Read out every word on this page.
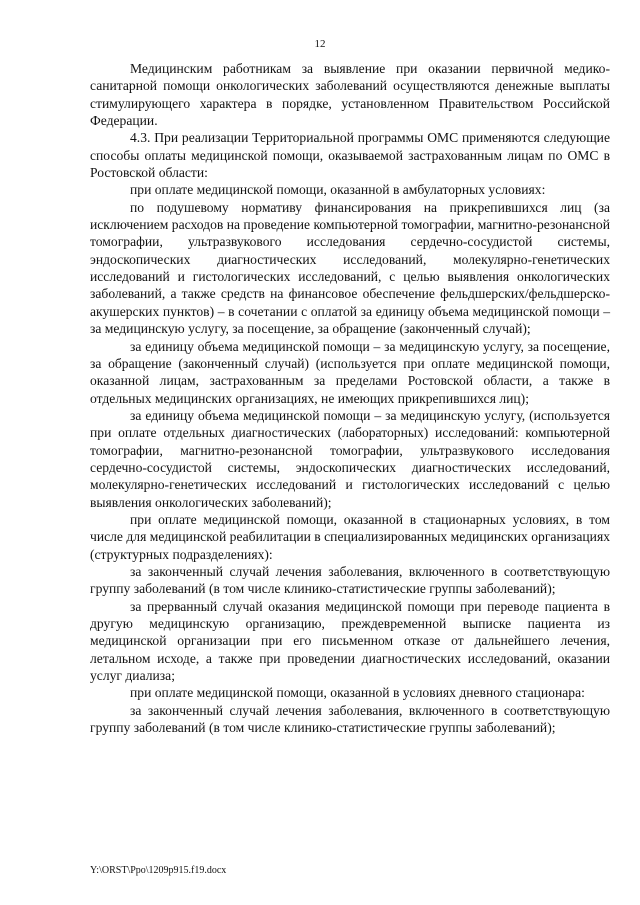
12

Медицинским работникам за выявление при оказании первичной медико-санитарной помощи онкологических заболеваний осуществляются денежные выплаты стимулирующего характера в порядке, установленном Правительством Российской Федерации.

4.3. При реализации Территориальной программы ОМС применяются следующие способы оплаты медицинской помощи, оказываемой застрахованным лицам по ОМС в Ростовской области:

при оплате медицинской помощи, оказанной в амбулаторных условиях:

по подушевому нормативу финансирования на прикрепившихся лиц (за исключением расходов на проведение компьютерной томографии, магнитно-резонансной томографии, ультразвукового исследования сердечно-сосудистой системы, эндоскопических диагностических исследований, молекулярно-генетических исследований и гистологических исследований, с целью выявления онкологических заболеваний, а также средств на финансовое обеспечение фельдшерских/фельдшерско-акушерских пунктов) – в сочетании с оплатой за единицу объема медицинской помощи – за медицинскую услугу, за посещение, за обращение (законченный случай);

за единицу объема медицинской помощи – за медицинскую услугу, за посещение, за обращение (законченный случай) (используется при оплате медицинской помощи, оказанной лицам, застрахованным за пределами Ростовской области, а также в отдельных медицинских организациях, не имеющих прикрепившихся лиц);

за единицу объема медицинской помощи – за медицинскую услугу, (используется при оплате отдельных диагностических (лабораторных) исследований: компьютерной томографии, магнитно-резонансной томографии, ультразвукового исследования сердечно-сосудистой системы, эндоскопических диагностических исследований, молекулярно-генетических исследований и гистологических исследований с целью выявления онкологических заболеваний);

при оплате медицинской помощи, оказанной в стационарных условиях, в том числе для медицинской реабилитации в специализированных медицинских организациях (структурных подразделениях):

за законченный случай лечения заболевания, включенного в соответствующую группу заболеваний (в том числе клинико-статистические группы заболеваний);

за прерванный случай оказания медицинской помощи при переводе пациента в другую медицинскую организацию, преждевременной выписке пациента из медицинской организации при его письменном отказе от дальнейшего лечения, летальном исходе, а также при проведении диагностических исследований, оказании услуг диализа;

при оплате медицинской помощи, оказанной в условиях дневного стационара:

за законченный случай лечения заболевания, включенного в соответствующую группу заболеваний (в том числе клинико-статистические группы заболеваний);

Y:\ORST\Ppo\1209p915.f19.docx
